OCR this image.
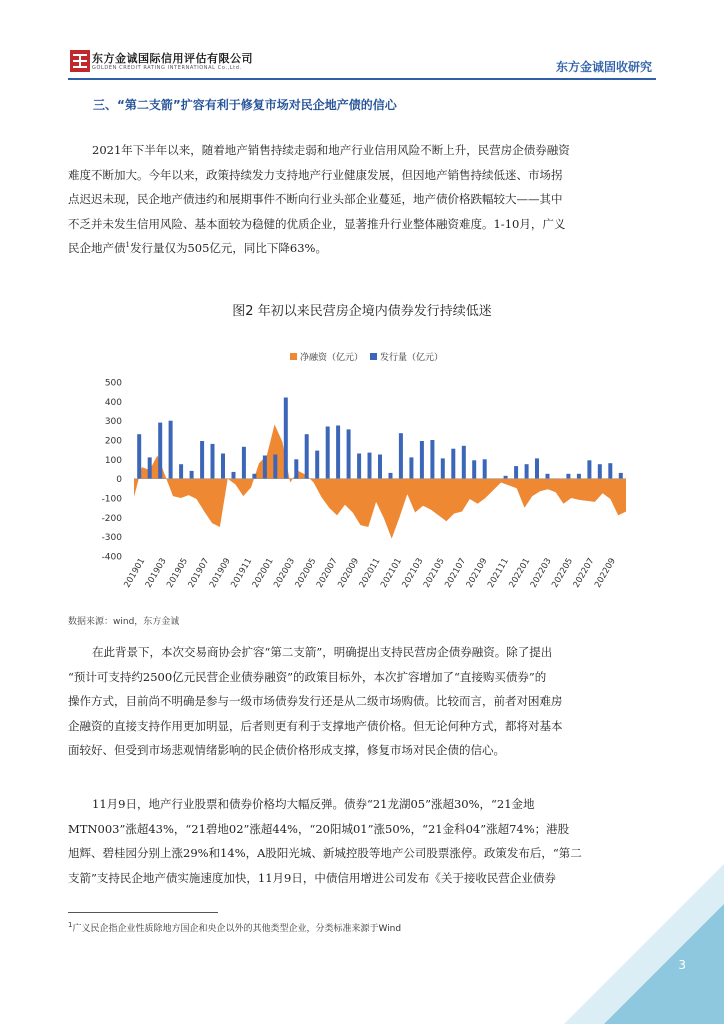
东方金诚国际信用评估有限公司
GOLDEN CREDIT RATING INTERNATIONAL Co.,Ltd.	东方金诚固收研究
三、“第二支箭”扩容有利于修复市场对民企地产债的信心
2021年下半年以来，随着地产销售持续走弱和地产行业信用风险不断上升，民营房企债券融资
难度不断加大。今年以来，政策持续发力支持地产行业健康发展，但因地产销售持续低迷、市场拐
点迟迟未现，民企地产债违约和展期事件不断向行业头部企业蔓延，地产债价格跌幅较大——其中
不乏并未发生信用风险、基本面较为稳健的优质企业，显著推升行业整体融资难度。1-10月，广义
民企地产债$^1$发行量仅为505亿元，同比下降63%。
图2 年初以来民营房企境内债券发行持续低迷
500
400
300
200
100
0
-100
-200
-300
-400 201901
201903
201905
201907
201909
201911
202001
202003
202005
202007
202009
202011
202101
202103
202105
202107
202109
202111
202201
202203
202205
202207
202209
净融资（亿元） 发行量（亿元）
数据来源：wind，东方金诚
在此背景下，本次交易商协会扩容“第二支箭”，明确提出支持民营房企债券融资。除了提出
“预计可支持约2500亿元民营企业债券融资”的政策目标外，本次扩容增加了“直接购买债券”的
操作方式，目前尚不明确是参与一级市场债券发行还是从二级市场购债。比较而言，前者对困难房
企融资的直接支持作用更加明显，后者则更有利于支撑地产债价格。但无论何种方式，都将对基本
面较好、但受到市场悲观情绪影响的民企债价格形成支撑，修复市场对民企债的信心。
11月9日，地产行业股票和债券价格均大幅反弹。债券“21龙湖05”涨超30%，“21金地
MTN003”涨超43%，“21碧地02”涨超44%，“20阳城01”涨50%，“21金科04”涨超74%；港股
旭辉、碧桂园分别上涨29%和14%，A股阳光城、新城控股等地产公司股票涨停。政策发布后，“第二
支箭”支持民企地产债实施速度加快，11月9日，中债信用增进公司发布《关于接收民营企业债券
$^1$广义民企指企业性质除地方国企和央企以外的其他类型企业，分类标准来源于Wind
3
